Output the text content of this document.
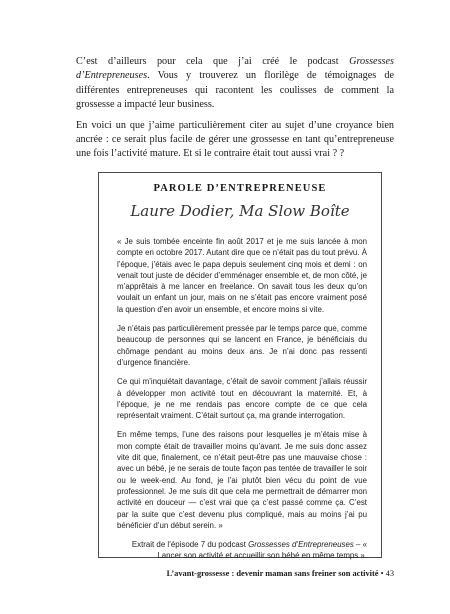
C’est d’ailleurs pour cela que j’ai créé le podcast Grossesses d’Entrepreneuses. Vous y trouverez un florilège de témoignages de différentes entrepreneuses qui racontent les coulisses de comment la grossesse a impacté leur business.

En voici un que j’aime particulièrement citer au sujet d’une croyance bien ancrée : ce serait plus facile de gérer une grossesse en tant qu’entrepreneuse une fois l’activité mature. Et si le contraire était tout aussi vrai ? ?

PAROLE D’ENTREPRENEUSE
Laure Dodier, Ma Slow Boîte

« Je suis tombée enceinte fin août 2017 et je me suis lancée à mon compte en octobre 2017. Autant dire que ce n’était pas du tout prévu. À l’époque, j’étais avec le papa depuis seulement cinq mois et demi : on venait tout juste de décider d’emménager ensemble et, de mon côté, je m’apprêtais à me lancer en freelance. On savait tous les deux qu’on voulait un enfant un jour, mais on ne s’était pas encore vraiment posé la question d’en avoir un ensemble, et encore moins si vite.

Je n’étais pas particulièrement pressée par le temps parce que, comme beaucoup de personnes qui se lancent en France, je bénéficiais du chômage pendant au moins deux ans. Je n’ai donc pas ressenti d’urgence financière.

Ce qui m’inquiétait davantage, c’était de savoir comment j’allais réussir à développer mon activité tout en découvrant la maternité. Et, à l’époque, je ne me rendais pas encore compte de ce que cela représentait vraiment. C’était surtout ça, ma grande interrogation.

En même temps, l’une des raisons pour lesquelles je m’étais mise à mon compte était de travailler moins qu’avant. Je me suis donc assez vite dit que, finalement, ce n’était peut-être pas une mauvaise chose : avec un bébé, je ne serais de toute façon pas tentée de travailler le soir ou le week-end. Au fond, je l’ai plutôt bien vécu du point de vue professionnel. Je me suis dit que cela me permettrait de démarrer mon activité en douceur — c’est vrai que ça c’est passé comme ça. C’est par la suite que c’est devenu plus compliqué, mais au moins j’ai pu bénéficier d’un début serein. »

Extrait de l’épisode 7 du podcast Grossesses d’Entrepreneuses – « Lancer son activité et accueillir son bébé en même temps ».

L’avant-grossesse : devenir maman sans freiner son activité • 43
